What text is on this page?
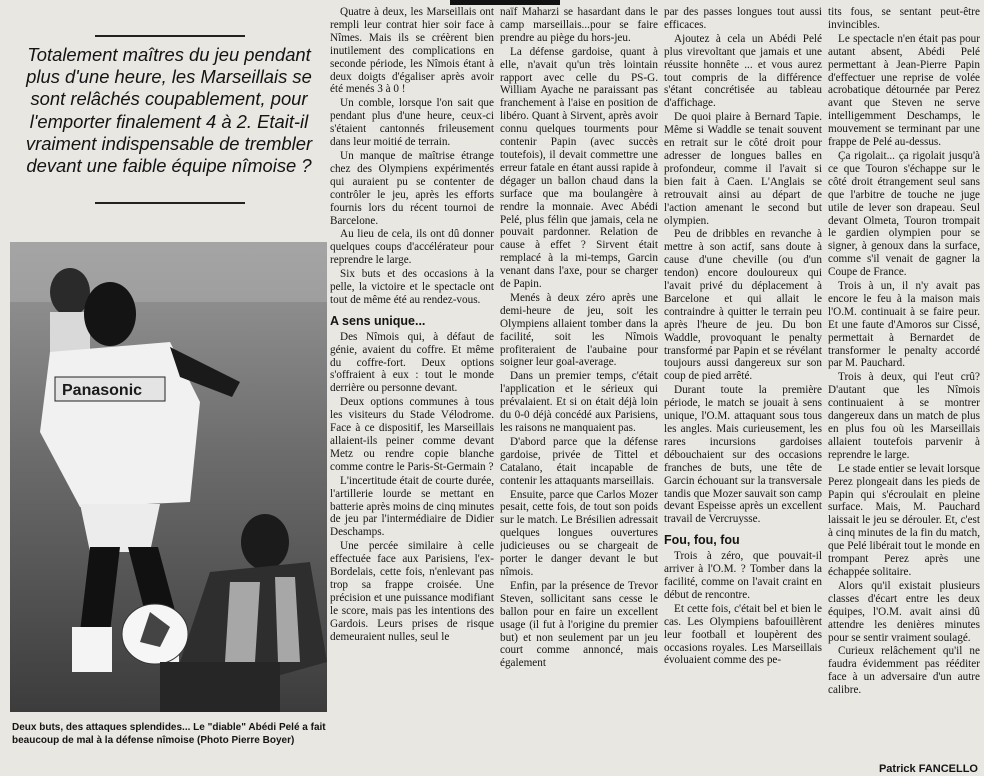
Totalement maîtres du jeu pendant plus d'une heure, les Marseillais se sont relâchés coupablement, pour l'emporter finalement 4 à 2. Etait-il vraiment indispensable de trembler devant une faible équipe nîmoise ?
Panasonic
Deux buts, des attaques splendides... Le "diable" Abédi Pelé a fait beaucoup de mal à la défense nîmoise (Photo Pierre Boyer)

Quatre à deux, les Marseillais ont rempli leur contrat hier soir face à Nîmes. Mais ils se créèrent bien inutilement des complications en seconde période, les Nîmois étant à deux doigts d'égaliser après avoir été menés 3 à 0 !

Un comble, lorsque l'on sait que pendant plus d'une heure, ceux-ci s'étaient cantonnés frileusement dans leur moitié de terrain.

Un manque de maîtrise étrange chez des Olympiens expérimentés qui auraient pu se contenter de contrôler le jeu, après les efforts fournis lors du récent tournoi de Barcelone.

Au lieu de cela, ils ont dû donner quelques coups d'accélérateur pour reprendre le large.

Six buts et des occasions à la pelle, la victoire et le spectacle ont tout de même été au rendez-vous.

A sens unique...

Des Nîmois qui, à défaut de génie, avaient du coffre. Et même du coffre-fort. Deux options s'offraient à eux : tout le monde derrière ou personne devant.

Deux options communes à tous les visiteurs du Stade Vélodrome. Face à ce dispositif, les Marseillais allaient-ils peiner comme devant Metz ou rendre copie blanche comme contre le Paris-St-Germain ?

L'incertitude était de courte durée, l'artillerie lourde se mettant en batterie après moins de cinq minutes de jeu par l'intermédiaire de Didier Deschamps.

Une percée similaire à celle effectuée face aux Parisiens, l'ex-Bordelais, cette fois, n'enlevant pas trop sa frappe croisée. Une précision et une puissance modifiant le score, mais pas les intentions des Gardois. Leurs prises de risque demeuraient nulles, seul le

naïf Maharzi se hasardant dans le camp marseillais...pour se faire prendre au piège du hors-jeu.

La défense gardoise, quant à elle, n'avait qu'un très lointain rapport avec celle du PS-G. William Ayache ne paraissant pas franchement à l'aise en position de libéro. Quant à Sirvent, après avoir connu quelques tourments pour contenir Papin (avec succès toutefois), il devait commettre une erreur fatale en étant aussi rapide à dégager un ballon chaud dans la surface que ma boulangère à rendre la monnaie. Avec Abédi Pelé, plus félin que jamais, cela ne pouvait pardonner. Relation de cause à effet ? Sirvent était remplacé à la mi-temps, Garcin venant dans l'axe, pour se charger de Papin.

Menés à deux zéro après une demi-heure de jeu, soit les Olympiens allaient tomber dans la facilité, soit les Nîmois profiteraient de l'aubaine pour soigner leur goal-average.

Dans un premier temps, c'était l'application et le sérieux qui prévalaient. Et si on était déjà loin du 0-0 déjà concédé aux Parisiens, les raisons ne manquaient pas.

D'abord parce que la défense gardoise, privée de Tittel et Catalano, était incapable de contenir les attaquants marseillais.

Ensuite, parce que Carlos Mozer pesait, cette fois, de tout son poids sur le match. Le Brésilien adressait quelques longues ouvertures judicieuses ou se chargeait de porter le danger devant le but nîmois.

Enfin, par la présence de Trevor Steven, sollicitant sans cesse le ballon pour en faire un excellent usage (il fut à l'origine du premier but) et non seulement par un jeu court comme annoncé, mais également

par des passes longues tout aussi efficaces.

Ajoutez à cela un Abédi Pelé plus virevoltant que jamais et une réussite honnête ... et vous aurez tout compris de la différence s'étant concrétisée au tableau d'affichage.

De quoi plaire à Bernard Tapie. Même si Waddle se tenait souvent en retrait sur le côté droit pour adresser de longues balles en profondeur, comme il l'avait si bien fait à Caen. L'Anglais se retrouvait ainsi au départ de l'action amenant le second but olympien.

Peu de dribbles en revanche à mettre à son actif, sans doute à cause d'une cheville (ou d'un tendon) encore douloureux qui l'avait privé du déplacement à Barcelone et qui allait le contraindre à quitter le terrain peu après l'heure de jeu. Du bon Waddle, provoquant le penalty transformé par Papin et se révélant toujours aussi dangereux sur son coup de pied arrêté.

Durant toute la première période, le match se jouait à sens unique, l'O.M. attaquant sous tous les angles. Mais curieusement, les rares incursions gardoises débouchaient sur des occasions franches de buts, une tête de Garcin échouant sur la transversale tandis que Mozer sauvait son camp devant Espeisse après un excellent travail de Vercruysse.

Fou, fou, fou

Trois à zéro, que pouvait-il arriver à l'O.M. ? Tomber dans la facilité, comme on l'avait craint en début de rencontre.

Et cette fois, c'était bel et bien le cas. Les Olympiens bafouillèrent leur football et loupèrent des occasions royales. Les Marseillais évoluaient comme des pe-

tits fous, se sentant peut-être invincibles.

Le spectacle n'en était pas pour autant absent, Abédi Pelé permettant à Jean-Pierre Papin d'effectuer une reprise de volée acrobatique détournée par Perez avant que Steven ne serve intelligemment Deschamps, le mouvement se terminant par une frappe de Pelé au-dessus.

Ça rigolait... ça rigolait jusqu'à ce que Touron s'échappe sur le côté droit étrangement seul sans que l'arbitre de touche ne juge utile de lever son drapeau. Seul devant Olmeta, Touron trompait le gardien olympien pour se signer, à genoux dans la surface, comme s'il venait de gagner la Coupe de France.

Trois à un, il n'y avait pas encore le feu à la maison mais l'O.M. continuait à se faire peur. Et une faute d'Amoros sur Cissé, permettait à Bernardet de transformer le penalty accordé par M. Pauchard.

Trois à deux, qui l'eut crû? D'autant que les Nîmois continuaient à se montrer dangereux dans un match de plus en plus fou où les Marseillais allaient toutefois parvenir à reprendre le large.

Le stade entier se levait lorsque Perez plongeait dans les pieds de Papin qui s'écroulait en pleine surface. Mais, M. Pauchard laissait le jeu se dérouler. Et, c'est à cinq minutes de la fin du match, que Pelé libérait tout le monde en trompant Perez après une échappée solitaire.

Alors qu'il existait plusieurs classes d'écart entre les deux équipes, l'O.M. avait ainsi dû attendre les denières minutes pour se sentir vraiment soulagé.

Curieux relâchement qu'il ne faudra évidemment pas rééditer face à un adversaire d'un autre calibre.

Patrick FANCELLO
